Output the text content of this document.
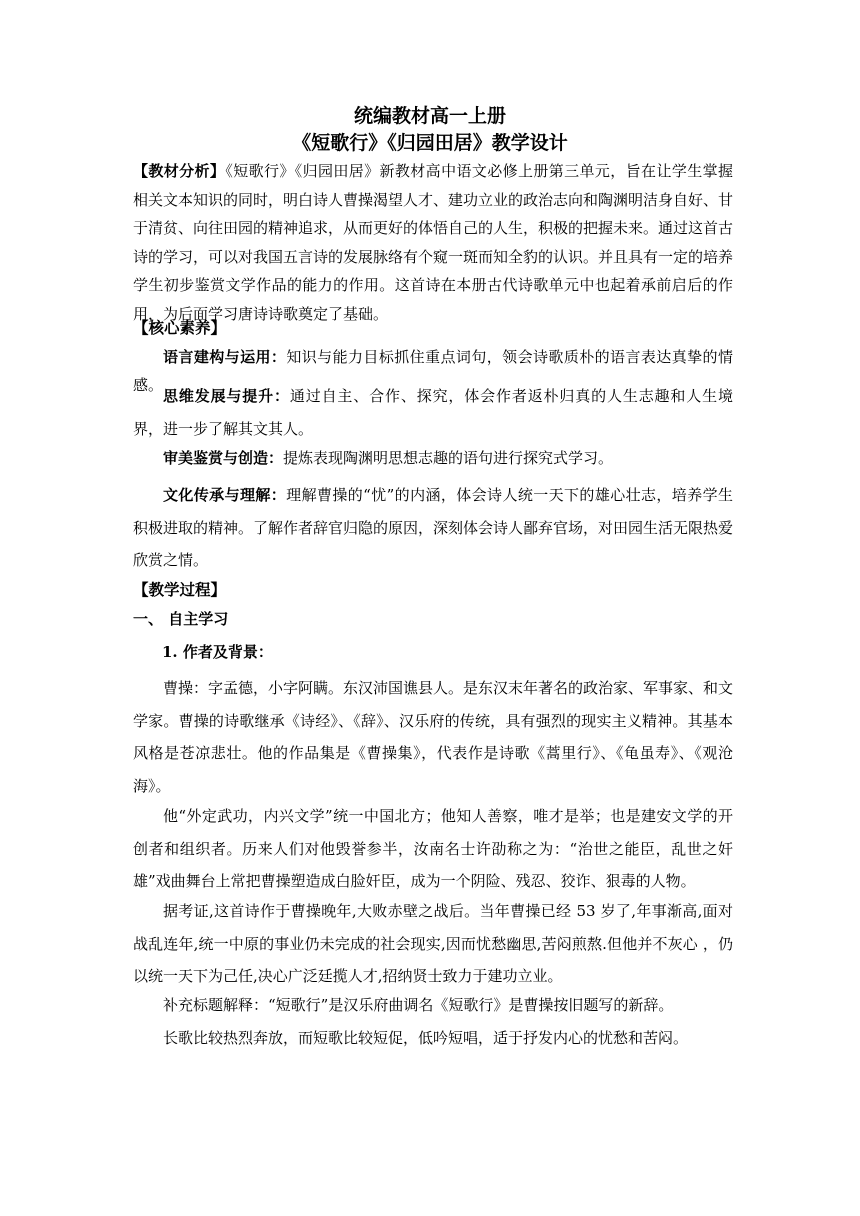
统编教材高一上册
《短歌行》《归园田居》教学设计
【教材分析】《短歌行》《归园田居》新教材高中语文必修上册第三单元，旨在让学生掌握相关文本知识的同时，明白诗人曹操渴望人才、建功立业的政治志向和陶渊明洁身自好、甘于清贫、向往田园的精神追求，从而更好的体悟自己的人生，积极的把握未来。通过这首古诗的学习，可以对我国五言诗的发展脉络有个窥一斑而知全豹的认识。并且具有一定的培养学生初步鉴赏文学作品的能力的作用。这首诗在本册古代诗歌单元中也起着承前启后的作用，为后面学习唐诗诗歌奠定了基础。
【核心素养】
语言建构与运用：知识与能力目标抓住重点词句，领会诗歌质朴的语言表达真挚的情感。
思维发展与提升：通过自主、合作、探究，体会作者返朴归真的人生志趣和人生境界，进一步了解其文其人。
审美鉴赏与创造：提炼表现陶渊明思想志趣的语句进行探究式学习。
文化传承与理解：理解曹操的“忧”的内涵，体会诗人统一天下的雄心壮志，培养学生积极进取的精神。了解作者辞官归隐的原因，深刻体会诗人鄙弃官场，对田园生活无限热爱欣赏之情。
【教学过程】
一、 自主学习
1. 作者及背景：
曹操：字孟德，小字阿瞒。东汉沛国谯县人。是东汉末年著名的政治家、军事家、和文学家。曹操的诗歌继承《诗经》、《辞》、汉乐府的传统，具有强烈的现实主义精神。其基本风格是苍凉悲壮。他的作品集是《曹操集》，代表作是诗歌《蒿里行》、《龟虽寿》、《观沧海》。
他“外定武功，内兴文学”统一中国北方；他知人善察，唯才是举；也是建安文学的开创者和组织者。历来人们对他毁誉参半，汝南名士许劭称之为：“治世之能臣，乱世之奸雄”戏曲舞台上常把曹操塑造成白脸奸臣，成为一个阴险、残忍、狡诈、狠毒的人物。
据考证,这首诗作于曹操晚年,大败赤壁之战后。当年曹操已经 53 岁了,年事渐高,面对战乱连年,统一中原的事业仍未完成的社会现实,因而忧愁幽思,苦闷煎熬.但他并不灰心 ，仍以统一天下为己任,决心广泛廷揽人才,招纳贤士致力于建功立业。
补充标题解释：“短歌行”是汉乐府曲调名《短歌行》是曹操按旧题写的新辞。
长歌比较热烈奔放，而短歌比较短促，低吟短唱，适于抒发内心的忧愁和苦闷。
